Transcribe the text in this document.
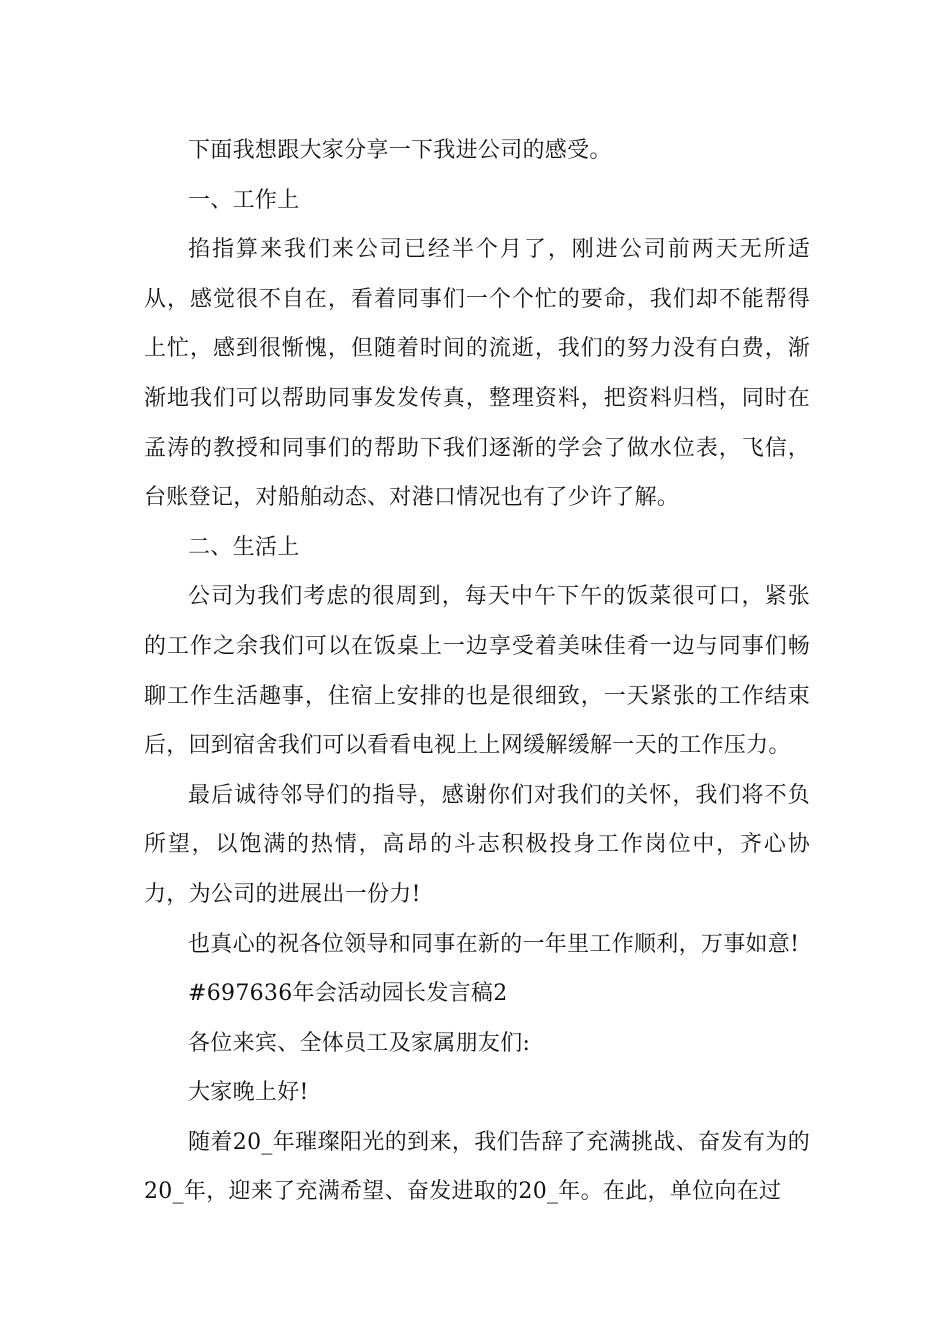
下面我想跟大家分享一下我进公司的感受。

一、工作上

掐指算来我们来公司已经半个月了，刚进公司前两天无所适从，感觉很不自在，看着同事们一个个忙的要命，我们却不能帮得上忙，感到很惭愧，但随着时间的流逝，我们的努力没有白费，渐渐地我们可以帮助同事发发传真，整理资料，把资料归档，同时在孟涛的教授和同事们的帮助下我们逐渐的学会了做水位表，飞信，台账登记，对船舶动态、对港口情况也有了少许了解。

二、生活上

公司为我们考虑的很周到，每天中午下午的饭菜很可口，紧张的工作之余我们可以在饭桌上一边享受着美味佳肴一边与同事们畅聊工作生活趣事，住宿上安排的也是很细致，一天紧张的工作结束后，回到宿舍我们可以看看电视上上网缓解缓解一天的工作压力。

最后诚待邻导们的指导，感谢你们对我们的关怀，我们将不负所望，以饱满的热情，高昂的斗志积极投身工作岗位中，齐心协力，为公司的进展出一份力!

也真心的祝各位领导和同事在新的一年里工作顺利，万事如意!

#697636年会活动园长发言稿2

各位来宾、全体员工及家属朋友们:

大家晚上好!

随着20_年璀璨阳光的到来，我们告辞了充满挑战、奋发有为的20_年，迎来了充满希望、奋发进取的20_年。在此，单位向在过
